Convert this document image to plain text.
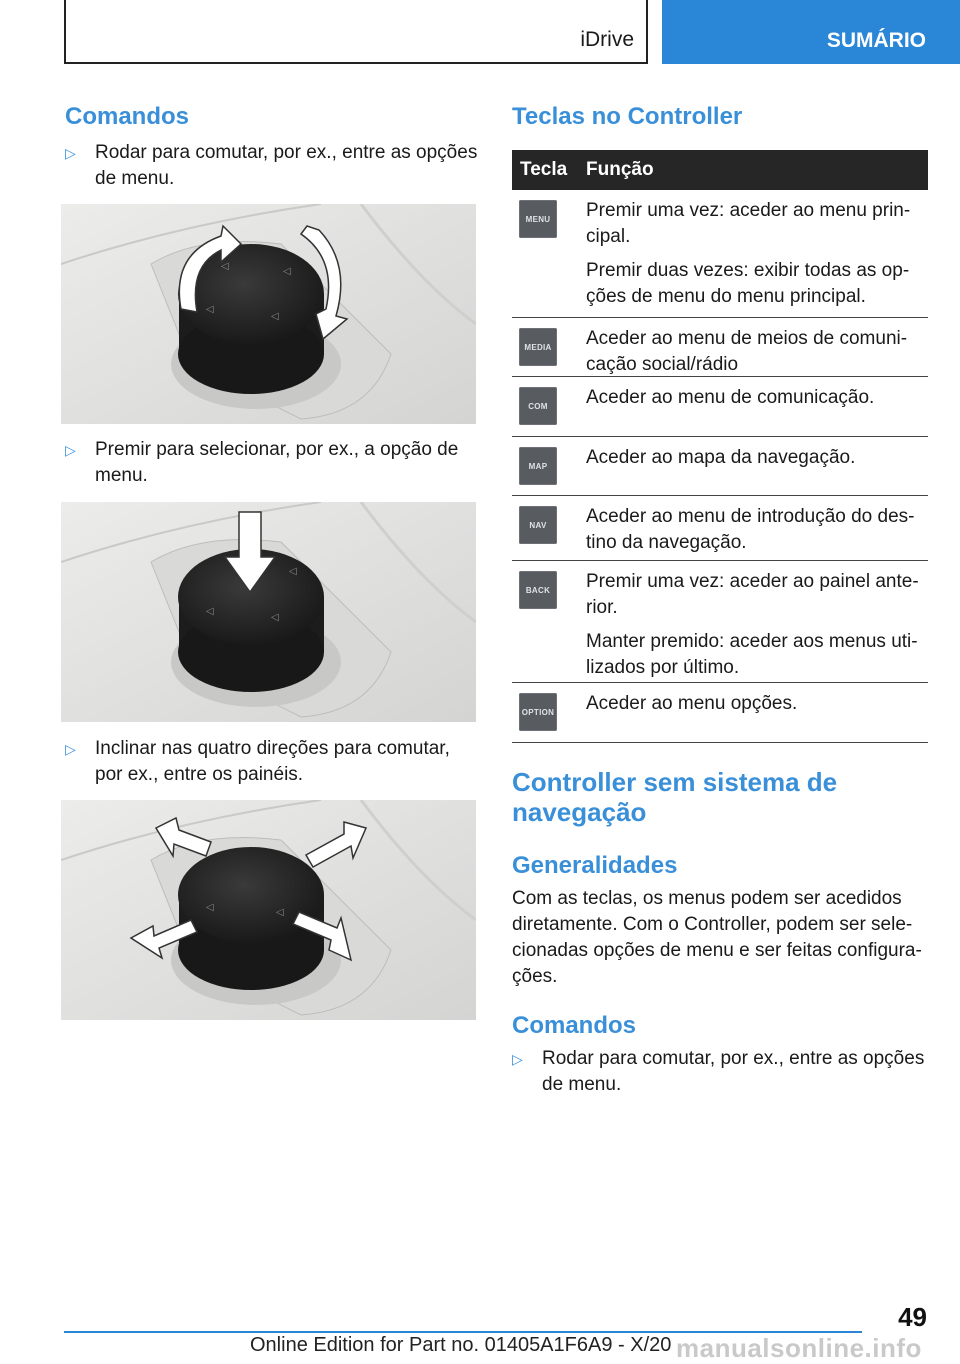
iDrive	SUMÁRIO
Comandos
▷ Rodar para comutar, por ex., entre as opções de menu.
◁	◁
◁
◁
▷ Premir para selecionar, por ex., a opção de menu.
◁
◁
◁
▷ Inclinar nas quatro direções para comutar, por ex., entre os painéis.
◁	◁
Teclas no Controller
Tecla Função
MENU	Premir uma vez: aceder ao menu principal.

Premir duas vezes: exibir todas as opções de menu do menu principal.

MEDIA Aceder ao menu de meios de comunicação social/rádio

COM	Aceder ao menu de comunicação.

MAP	Aceder ao mapa da navegação.

NAV	Aceder ao menu de introdução do destino da navegação.

BACK	Premir uma vez: aceder ao painel anterior.

Manter premido: aceder aos menus utilizados por último.

OPTION Aceder ao menu opções.

Controller sem sistema de navegação
Generalidades

Com as teclas, os menus podem ser acedidos diretamente. Com o Controller, podem ser selecionadas opções de menu e ser feitas configurações.

Comandos
▷ Rodar para comutar, por ex., entre as opções de menu.
49
Online Edition for Part no. 01405A1F6A9 - X/20 manualsonline.info
